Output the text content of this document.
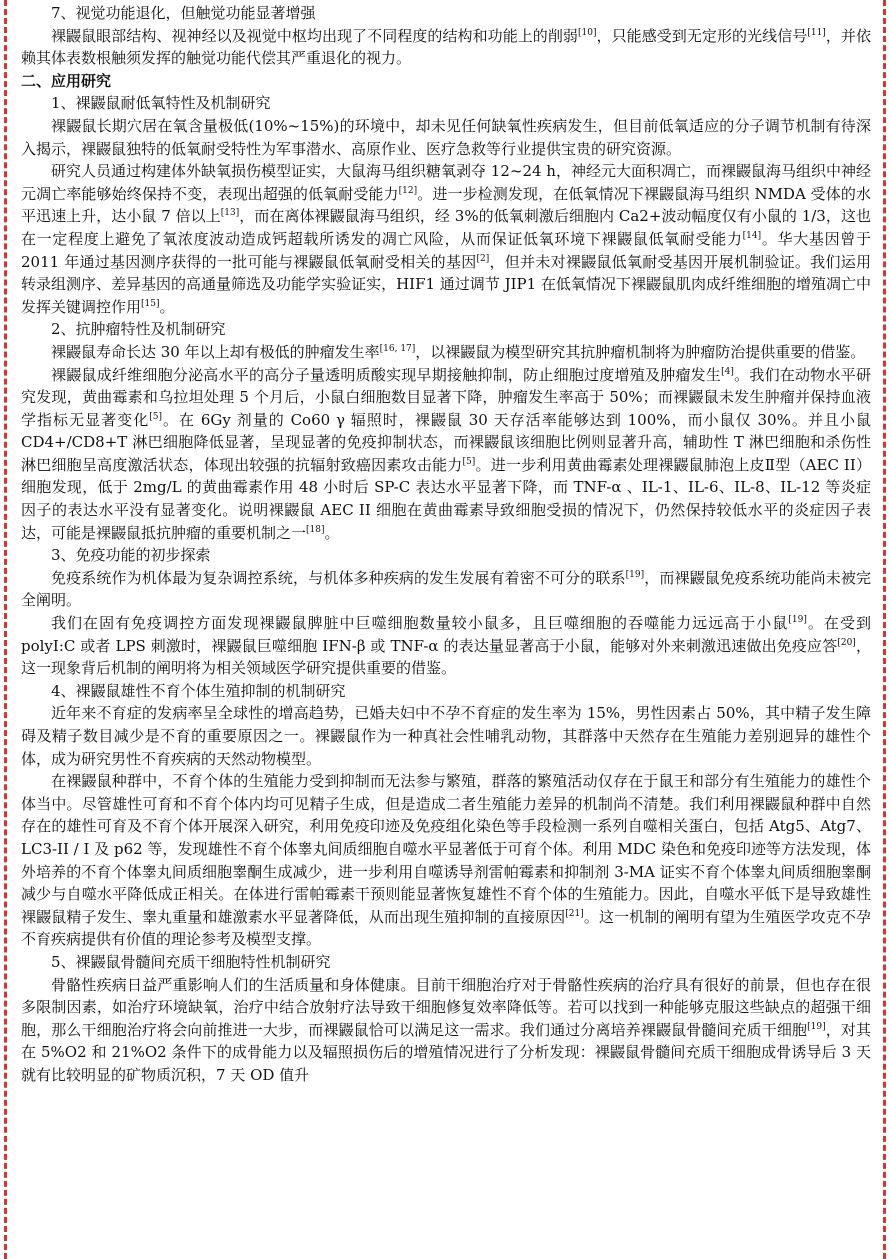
7、视觉功能退化，但触觉功能显著增强

裸鼹鼠眼部结构、视神经以及视觉中枢均出现了不同程度的结构和功能上的削弱[10]，只能感受到无定形的光线信号[11]，并依赖其体表数根触须发挥的触觉功能代偿其严重退化的视力。

二、应用研究
1、裸鼹鼠耐低氧特性及机制研究

裸鼹鼠长期穴居在氧含量极低(10%~15%)的环境中，却未见任何缺氧性疾病发生，但目前低氧适应的分子调节机制有待深入揭示，裸鼹鼠独特的低氧耐受特性为军事潜水、高原作业、医疗急救等行业提供宝贵的研究资源。

研究人员通过构建体外缺氧损伤模型证实，大鼠海马组织糖氧剥夺 12~24 h，神经元大面积凋亡，而裸鼹鼠海马组织中神经元凋亡率能够始终保持不变，表现出超强的低氧耐受能力[12]。进一步检测发现，在低氧情况下裸鼹鼠海马组织 NMDA 受体的水平迅速上升，达小鼠 7 倍以上[13]，而在离体裸鼹鼠海马组织，经 3%的低氧刺激后细胞内 Ca2+波动幅度仅有小鼠的 1/3，这也在一定程度上避免了氧浓度波动造成钙超载所诱发的凋亡风险，从而保证低氧环境下裸鼹鼠低氧耐受能力[14]。华大基因曾于 2011 年通过基因测序获得的一批可能与裸鼹鼠低氧耐受相关的基因[2]，但并未对裸鼹鼠低氧耐受基因开展机制验证。我们运用转录组测序、差异基因的高通量筛选及功能学实验证实，HIF1 通过调节 JIP1 在低氧情况下裸鼹鼠肌肉成纤维细胞的增殖凋亡中发挥关键调控作用[15]。

2、抗肿瘤特性及机制研究

裸鼹鼠寿命长达 30 年以上却有极低的肿瘤发生率[16, 17]，以裸鼹鼠为模型研究其抗肿瘤机制将为肿瘤防治提供重要的借鉴。

裸鼹鼠成纤维细胞分泌高水平的高分子量透明质酸实现早期接触抑制，防止细胞过度增殖及肿瘤发生[4]。我们在动物水平研究发现，黄曲霉素和乌拉坦处理 5 个月后，小鼠白细胞数目显著下降，肿瘤发生率高于 50%；而裸鼹鼠未发生肿瘤并保持血液学指标无显著变化[5]。在 6Gy 剂量的 Co60 γ 辐照时，裸鼹鼠 30 天存活率能够达到 100%，而小鼠仅 30%。并且小鼠 CD4+/CD8+T 淋巴细胞降低显著，呈现显著的免疫抑制状态，而裸鼹鼠该细胞比例则显著升高，辅助性 T 淋巴细胞和杀伤性淋巴细胞呈高度激活状态，体现出较强的抗辐射致癌因素攻击能力[5]。进一步利用黄曲霉素处理裸鼹鼠肺泡上皮Ⅱ型（AEC II）细胞发现，低于 2mg/L 的黄曲霉素作用 48 小时后 SP-C 表达水平显著下降，而 TNF-α 、IL-1、IL-6、IL-8、IL-12 等炎症因子的表达水平没有显著变化。说明裸鼹鼠 AEC II 细胞在黄曲霉素导致细胞受损的情况下，仍然保持较低水平的炎症因子表达，可能是裸鼹鼠抵抗肿瘤的重要机制之一[18]。

3、免疫功能的初步探索

免疫系统作为机体最为复杂调控系统，与机体多种疾病的发生发展有着密不可分的联系[19]，而裸鼹鼠免疫系统功能尚未被完全阐明。

我们在固有免疫调控方面发现裸鼹鼠脾脏中巨噬细胞数量较小鼠多，且巨噬细胞的吞噬能力远远高于小鼠[19]。在受到 polyI:C 或者 LPS 刺激时，裸鼹鼠巨噬细胞 IFN-β 或 TNF-α 的表达量显著高于小鼠，能够对外来刺激迅速做出免疫应答[20]，这一现象背后机制的阐明将为相关领域医学研究提供重要的借鉴。

4、裸鼹鼠雄性不育个体生殖抑制的机制研究

近年来不育症的发病率呈全球性的增高趋势，已婚夫妇中不孕不育症的发生率为 15%，男性因素占 50%，其中精子发生障碍及精子数目减少是不育的重要原因之一。裸鼹鼠作为一种真社会性哺乳动物，其群落中天然存在生殖能力差别迥异的雄性个体，成为研究男性不育疾病的天然动物模型。

在裸鼹鼠种群中，不育个体的生殖能力受到抑制而无法参与繁殖，群落的繁殖活动仅存在于鼠王和部分有生殖能力的雄性个体当中。尽管雄性可育和不育个体内均可见精子生成，但是造成二者生殖能力差异的机制尚不清楚。我们利用裸鼹鼠种群中自然存在的雄性可育及不育个体开展深入研究，利用免疫印迹及免疫组化染色等手段检测一系列自噬相关蛋白，包括 Atg5、Atg7、LC3-II / I 及 p62 等，发现雄性不育个体睾丸间质细胞自噬水平显著低于可育个体。利用 MDC 染色和免疫印迹等方法发现，体外培养的不育个体睾丸间质细胞睾酮生成减少，进一步利用自噬诱导剂雷帕霉素和抑制剂 3-MA 证实不育个体睾丸间质细胞睾酮减少与自噬水平降低成正相关。在体进行雷帕霉素干预则能显著恢复雄性不育个体的生殖能力。因此，自噬水平低下是导致雄性裸鼹鼠精子发生、睾丸重量和雄激素水平显著降低，从而出现生殖抑制的直接原因[21]。这一机制的阐明有望为生殖医学攻克不孕不育疾病提供有价值的理论参考及模型支撑。

5、裸鼹鼠骨髓间充质干细胞特性机制研究

骨骼性疾病日益严重影响人们的生活质量和身体健康。目前干细胞治疗对于骨骼性疾病的治疗具有很好的前景，但也存在很多限制因素，如治疗环境缺氧，治疗中结合放射疗法导致干细胞修复效率降低等。若可以找到一种能够克服这些缺点的超强干细胞，那么干细胞治疗将会向前推进一大步，而裸鼹鼠恰可以满足这一需求。我们通过分离培养裸鼹鼠骨髓间充质干细胞[19]，对其在 5%O2 和 21%O2 条件下的成骨能力以及辐照损伤后的增殖情况进行了分析发现：裸鼹鼠骨髓间充质干细胞成骨诱导后 3 天就有比较明显的矿物质沉积，7 天 OD 值升
